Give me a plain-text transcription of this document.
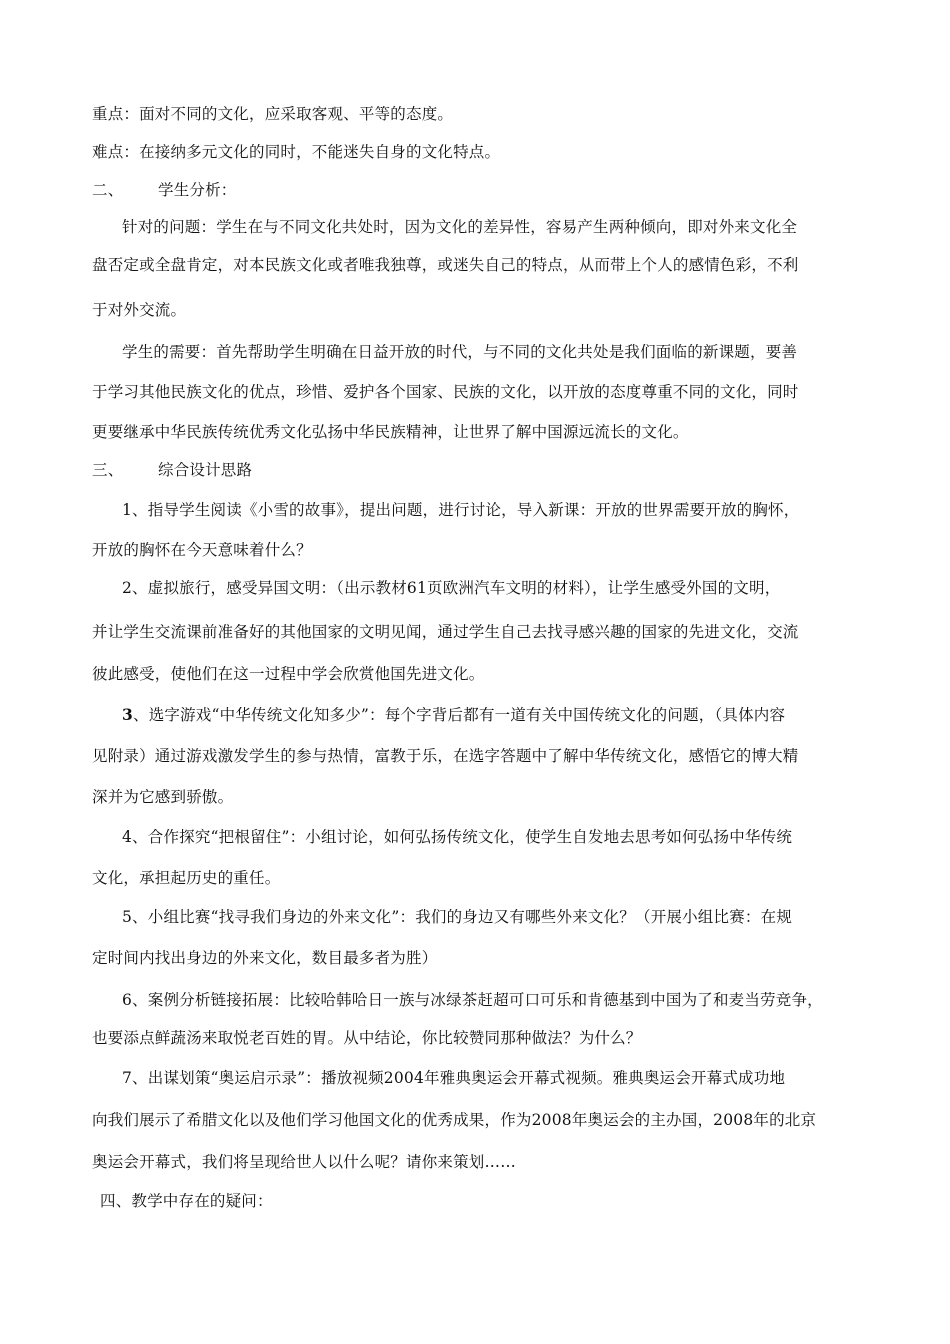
重点：面对不同的文化，应采取客观、平等的态度。
难点：在接纳多元文化的同时，不能迷失自身的文化特点。
二、 学生分析：
针对的问题：学生在与不同文化共处时，因为文化的差异性，容易产生两种倾向，即对外来文化全
盘否定或全盘肯定，对本民族文化或者唯我独尊，或迷失自己的特点，从而带上个人的感情色彩，不利
于对外交流。
学生的需要：首先帮助学生明确在日益开放的时代，与不同的文化共处是我们面临的新课题，要善
于学习其他民族文化的优点，珍惜、爱护各个国家、民族的文化，以开放的态度尊重不同的文化，同时
更要继承中华民族传统优秀文化弘扬中华民族精神，让世界了解中国源远流长的文化。
三、 综合设计思路
1、指导学生阅读《小雪的故事》，提出问题，进行讨论，导入新课：开放的世界需要开放的胸怀，
开放的胸怀在今天意味着什么？
2、虚拟旅行，感受异国文明：（出示教材61页欧洲汽车文明的材料），让学生感受外国的文明，
并让学生交流课前准备好的其他国家的文明见闻，通过学生自己去找寻感兴趣的国家的先进文化，交流
彼此感受，使他们在这一过程中学会欣赏他国先进文化。
3、选字游戏“中华传统文化知多少”：每个字背后都有一道有关中国传统文化的问题，（具体内容
见附录）通过游戏激发学生的参与热情，富教于乐，在选字答题中了解中华传统文化，感悟它的博大精
深并为它感到骄傲。
4、合作探究“把根留住”：小组讨论，如何弘扬传统文化，使学生自发地去思考如何弘扬中华传统
文化，承担起历史的重任。
5、小组比赛“找寻我们身边的外来文化”：我们的身边又有哪些外来文化？（开展小组比赛：在规
定时间内找出身边的外来文化，数目最多者为胜）
6、案例分析链接拓展：比较哈韩哈日一族与冰绿茶赶超可口可乐和肯德基到中国为了和麦当劳竞争，
也要添点鲜蔬汤来取悦老百姓的胃。从中结论，你比较赞同那种做法？为什么？
7、出谋划策“奥运启示录”：播放视频2004年雅典奥运会开幕式视频。雅典奥运会开幕式成功地
向我们展示了希腊文化以及他们学习他国文化的优秀成果，作为2008年奥运会的主办国，2008年的北京
奥运会开幕式，我们将呈现给世人以什么呢？请你来策划……
四、教学中存在的疑问：
